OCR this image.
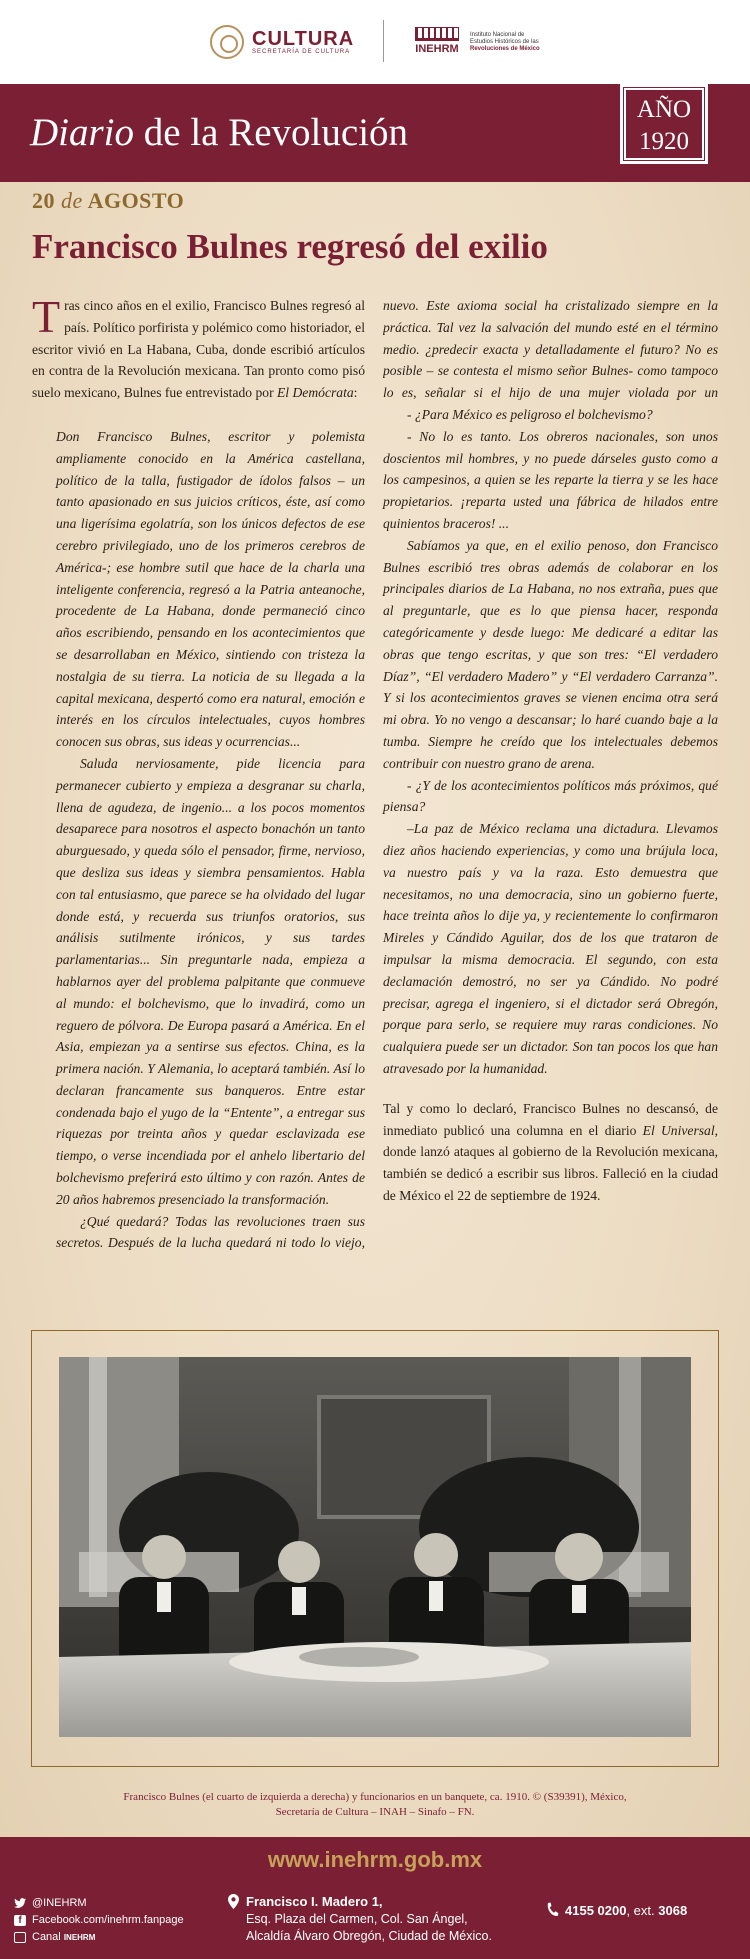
CULTURA
SECRETARÍA DE CULTURA	INEHRM
Instituto Nacional de
Estudios Históricos de las
Revoluciones de México
Diario de la Revolución
20 de AGOSTO
Francisco Bulnes regresó del exilio

Tras cinco años en el exilio, Francisco Bulnes regresó al país. Político porfirista y polémico como historiador, el escritor vivió en La Habana, Cuba, donde escribió artículos en contra de la Revolución mexicana. Tan pronto como pisó suelo mexicano, Bulnes fue entrevistado por El Demócrata:

Don Francisco Bulnes, escritor y polemista ampliamente conocido en la América castellana, político de la talla, fustigador de ídolos falsos – un tanto apasionado en sus juicios críticos, éste, así como una ligerísima egolatría, son los únicos defectos de ese cerebro privilegiado, uno de los primeros cerebros de América-; ese hombre sutil que hace de la charla una inteligente conferencia, regresó a la Patria anteanoche, procedente de La Habana, donde permaneció cinco años escribiendo, pensando en los acontecimientos que se desarrollaban en México, sintiendo con tristeza la nostalgia de su tierra. La noticia de su llegada a la capital mexicana, despertó como era natural, emoción e interés en los círculos intelectuales, cuyos hombres conocen sus obras, sus ideas y ocurrencias...

Saluda nerviosamente, pide licencia para permanecer cubierto y empieza a desgranar su charla, llena de agudeza, de ingenio... a los pocos momentos desaparece para nosotros el aspecto bonachón un tanto aburguesado, y queda sólo el pensador, firme, nervioso, que desliza sus ideas y siembra pensamientos. Habla con tal entusiasmo, que parece se ha olvidado del lugar donde está, y recuerda sus triunfos oratorios, sus análisis sutilmente irónicos, y sus tardes parlamentarias... Sin preguntarle nada, empieza a hablarnos ayer del problema palpitante que conmueve al mundo: el bolchevismo, que lo invadirá, como un reguero de pólvora. De Europa pasará a América. En el Asia, empiezan ya a sentirse sus efectos. China, es la primera nación. Y Alemania, lo aceptará también. Así lo declaran francamente sus banqueros. Entre estar condenada bajo el yugo de la “Entente”, a entregar sus riquezas por treinta años y quedar esclavizada ese tiempo, o verse incendiada por el anhelo libertario del bolchevismo preferirá esto último y con razón. Antes de 20 años habremos presenciado la transformación.

¿Qué quedará? Todas las revoluciones traen sus secretos. Después de la lucha quedará ni todo lo viejo,

nuevo. Este axioma social ha cristalizado siempre en la práctica. Tal vez la salvación del mundo esté en el término medio. ¿predecir exacta y detalladamente el futuro? No es posible – se contesta el mismo señor Bulnes- como tampoco lo es, señalar si el hijo de una mujer violada por un

- ¿Para México es peligroso el bolchevismo?

- No lo es tanto. Los obreros nacionales, son unos doscientos mil hombres, y no puede dárseles gusto como a los campesinos, a quien se les reparte la tierra y se les hace propietarios. ¡reparta usted una fábrica de hilados entre quinientos braceros! ...

Sabíamos ya que, en el exilio penoso, don Francisco Bulnes escribió tres obras además de colaborar en los principales diarios de La Habana, no nos extraña, pues que al preguntarle, que es lo que piensa hacer, responda categóricamente y desde luego: Me dedicaré a editar las obras que tengo escritas, y que son tres: “El verdadero Díaz”, “El verdadero Madero” y “El verdadero Carranza”. Y si los acontecimientos graves se vienen encima otra será mi obra. Yo no vengo a descansar; lo haré cuando baje a la tumba. Siempre he creído que los intelectuales debemos contribuir con nuestro grano de arena.

- ¿Y de los acontecimientos políticos más próximos, qué piensa?

–La paz de México reclama una dictadura. Llevamos diez años haciendo experiencias, y como una brújula loca, va nuestro país y va la raza. Esto demuestra que necesitamos, no una democracia, sino un gobierno fuerte, hace treinta años lo dije ya, y recientemente lo confirmaron Mireles y Cándido Aguilar, dos de los que trataron de impulsar la misma democracia. El segundo, con esta declamación demostró, no ser ya Cándido. No podré precisar, agrega el ingeniero, si el dictador será Obregón, porque para serlo, se requiere muy raras condiciones. No cualquiera puede ser un dictador. Son tan pocos los que han atravesado por la humanidad.

Tal y como lo declaró, Francisco Bulnes no descansó, de inmediato publicó una columna en el diario El Universal, donde lanzó ataques al gobierno de la Revolución mexicana, también se dedicó a escribir sus libros. Falleció en la ciudad de México el 22 de septiembre de 1924.

Francisco Bulnes (el cuarto de izquierda a derecha) y funcionarios en un banquete, ca. 1910. © (S39391), México,
Secretaría de Cultura – INAH – Sinafo – FN.
AÑO
1920
www.inehrm.gob.mx
@INEHRM
f Facebook.com/inehrm.fanpage
Canal
INEHRM
Francisco I. Madero 1,
Esq. Plaza del Carmen, Col. San Ángel,
Alcaldía Álvaro Obregón, Ciudad de México.
4155 0200, ext. 3068
